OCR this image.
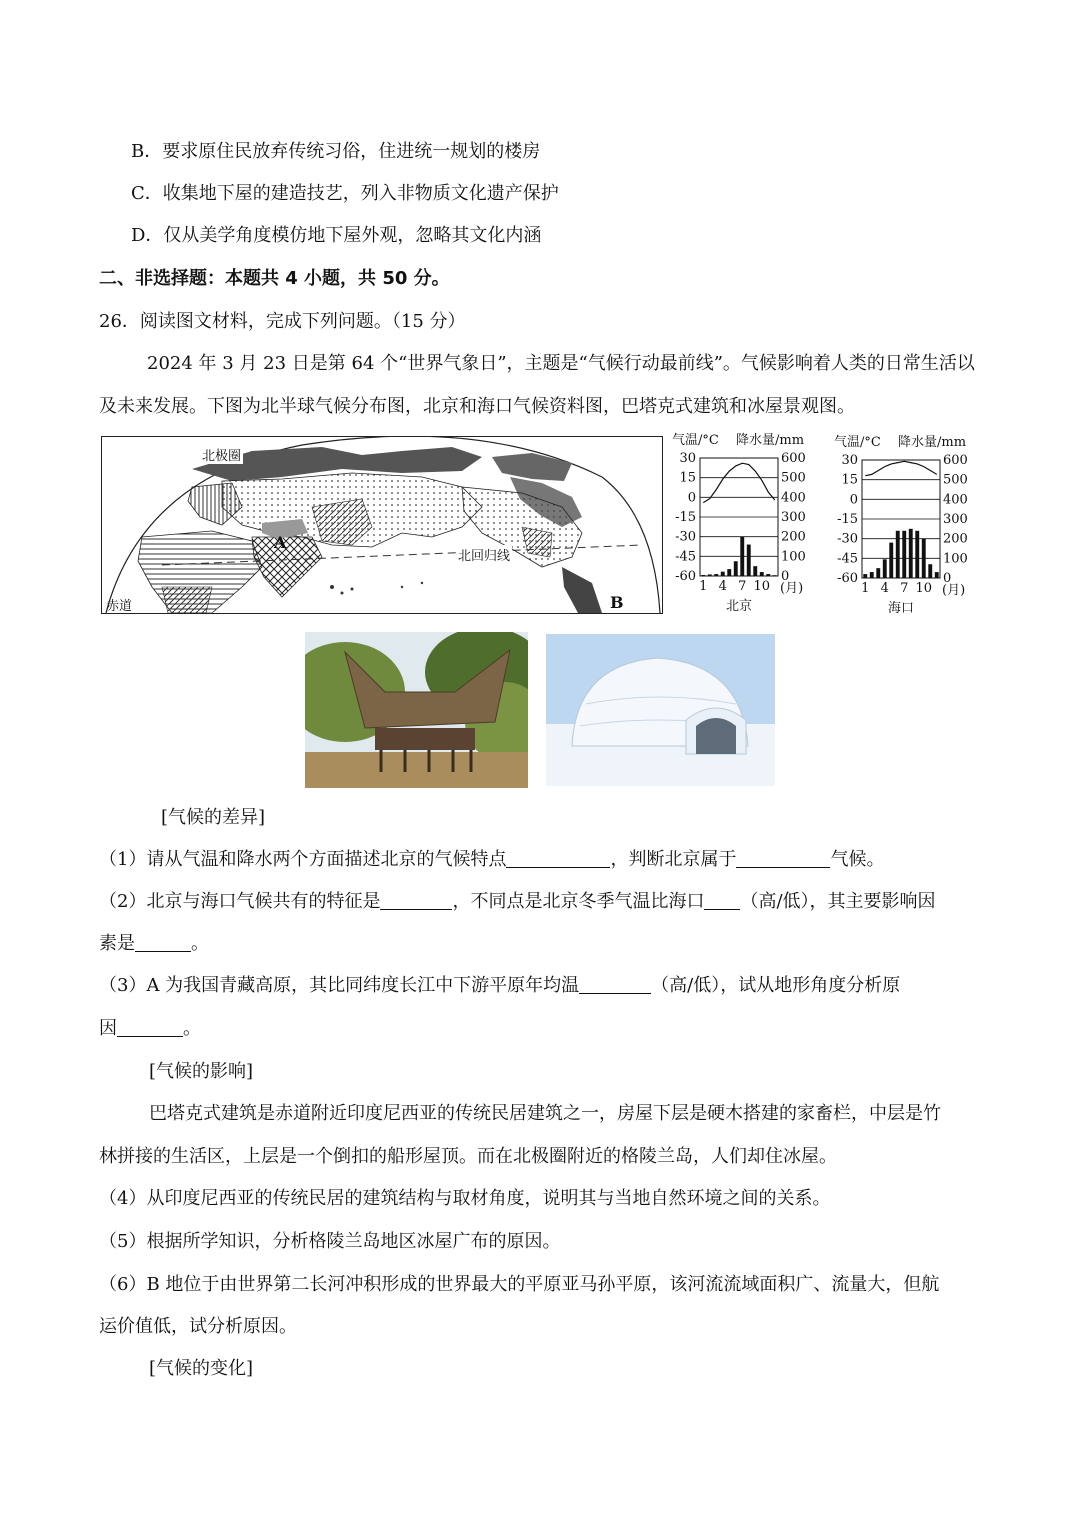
B．要求原住民放弃传统习俗，住进统一规划的楼房
C．收集地下屋的建造技艺，列入非物质文化遗产保护
D．仅从美学角度模仿地下屋外观，忽略其文化内涵
二、非选择题：本题共 4 小题，共 50 分。
26．阅读图文材料，完成下列问题。（15 分）
2024 年 3 月 23 日是第 64 个“世界气象日”，主题是“气候行动最前线”。气候影响着人类的日常生活以
及未来发展。下图为北半球气候分布图，北京和海口气候资料图，巴塔克式建筑和冰屋景观图。
北极圈
北回归线
赤道
A
B
气温/°C 降水量/mm
30	600
15	500
0	400
-15	300
-30	200
-45	100
-60	0
1 4 7 10 (月)
北京
气温/°C 降水量/mm
30	600
15	500
0	400
-15	300
-30	200
-45	100
-60	0
1 4 7 10 (月)
海口
[气候的差异]
（1）请从气温和降水两个方面描述北京的气候特点	，判断北京属于	气候。
（2）北京与海口气候共有的特征是	，不同点是北京冬季气温比海口 （高/低），其主要影响因
素是	。
（3）A 为我国青藏高原，其比同纬度长江中下游平原年均温	（高/低），试从地形角度分析原
因	。
[气候的影响]
巴塔克式建筑是赤道附近印度尼西亚的传统民居建筑之一，房屋下层是硬木搭建的家畜栏，中层是竹
林拼接的生活区，上层是一个倒扣的船形屋顶。而在北极圈附近的格陵兰岛，人们却住冰屋。
（4）从印度尼西亚的传统民居的建筑结构与取材角度，说明其与当地自然环境之间的关系。
（5）根据所学知识，分析格陵兰岛地区冰屋广布的原因。
（6）B 地位于由世界第二长河冲积形成的世界最大的平原亚马孙平原，该河流流域面积广、流量大，但航
运价值低，试分析原因。
[气候的变化]
